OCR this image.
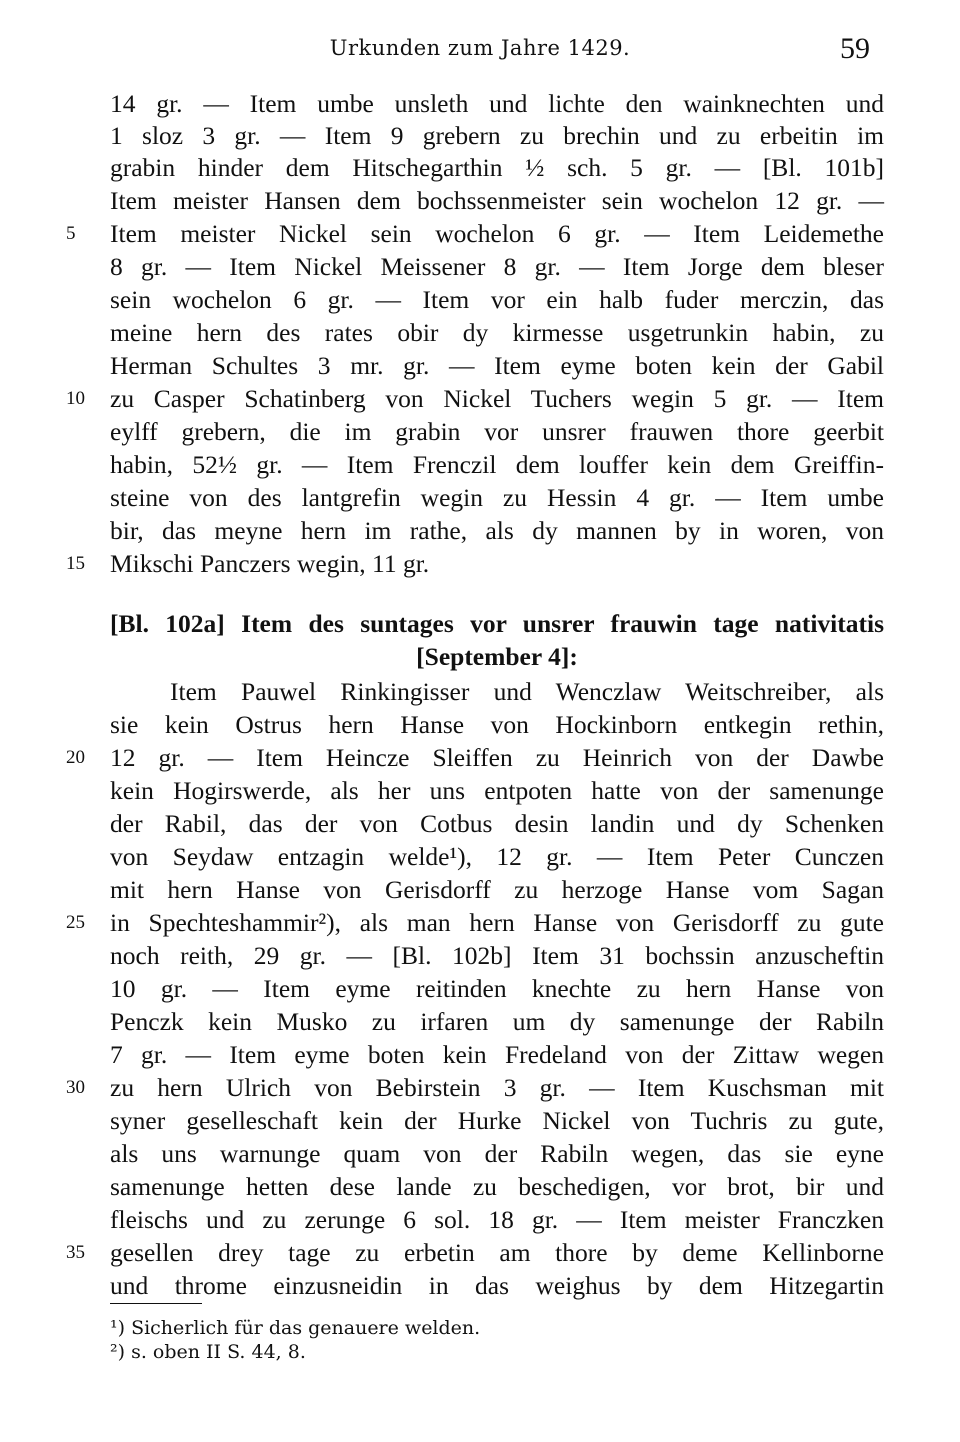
Urkunden zum Jahre 1429.	59
14 gr. — Item umbe unsleth und lichte den wainknechten und
1 sloz 3 gr. — Item 9 grebern zu brechin und zu erbeitin im
grabin hinder dem Hitschegarthin ½ sch. 5 gr. — [Bl. 101b]
Item meister Hansen dem bochssenmeister sein wochelon 12 gr. —
5	Item meister Nickel sein wochelon 6 gr. — Item Leidemethe
8 gr. — Item Nickel Meissener 8 gr. — Item Jorge dem bleser
sein wochelon 6 gr. — Item vor ein halb fuder merczin, das
meine hern des rates obir dy kirmesse usgetrunkin habin, zu
Herman Schultes 3 mr. gr. — Item eyme boten kein der Gabil
10 zu Casper Schatinberg von Nickel Tuchers wegin 5 gr. — Item
eylff grebern, die im grabin vor unsrer frauwen thore geerbit
habin, 52½ gr. — Item Frenczil dem louffer kein dem Greiffin-
steine von des lantgrefin wegin zu Hessin 4 gr. — Item umbe
bir, das meyne hern im rathe, als dy mannen by in woren, von
15 Mikschi Panczers wegin, 11 gr.
[Bl. 102a] Item des suntages vor unsrer frauwin tage nativitatis
[September 4]:
Item Pauwel Rinkingisser und Wenczlaw Weitschreiber, als
sie kein Ostrus hern Hanse von Hockinborn entkegin rethin,
20 12 gr. — Item Heincze Sleiffen zu Heinrich von der Dawbe
kein Hogirswerde, als her uns entpoten hatte von der samenunge
der Rabil, das der von Cotbus desin landin und dy Schenken
von Seydaw entzagin welde¹), 12 gr. — Item Peter Cunczen
mit hern Hanse von Gerisdorff zu herzoge Hanse vom Sagan
25 in Spechteshammir²), als man hern Hanse von Gerisdorff zu gute
noch reith, 29 gr. — [Bl. 102b] Item 31 bochssin anzuscheftin
10 gr. — Item eyme reitinden knechte zu hern Hanse von
Penczk kein Musko zu irfaren um dy samenunge der Rabiln
7 gr. — Item eyme boten kein Fredeland von der Zittaw wegen
30 zu hern Ulrich von Bebirstein 3 gr. — Item Kuschsman mit
syner geselleschaft kein der Hurke Nickel von Tuchris zu gute,
als uns warnunge quam von der Rabiln wegen, das sie eyne
samenunge hetten dese lande zu beschedigen, vor brot, bir und
fleischs und zu zerunge 6 sol. 18 gr. — Item meister Franczken
35 gesellen drey tage zu erbetin am thore by deme Kellinborne
und throme einzusneidin in das weighus by dem Hitzegartin
¹) Sicherlich für das genauere welden.
²) s. oben II S. 44, 8.
